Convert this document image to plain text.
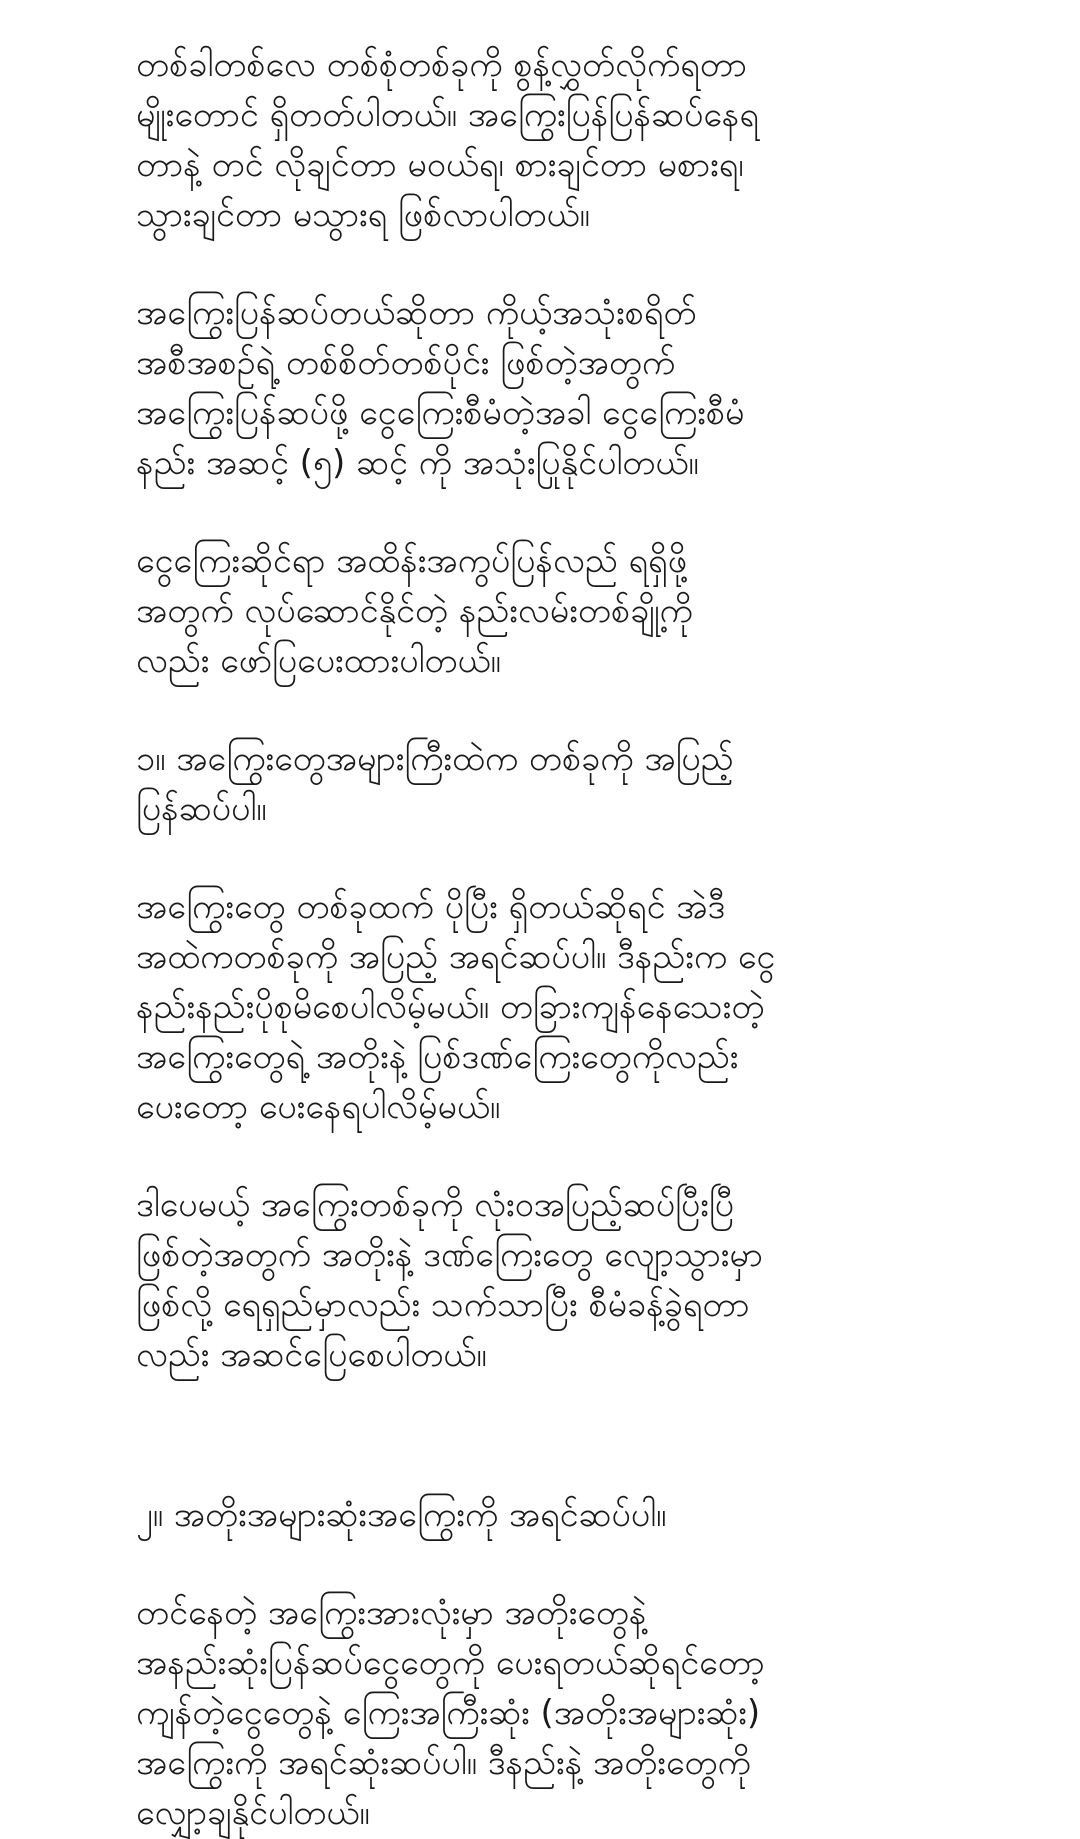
တစ်ခါတစ်လေ တစ်စုံတစ်ခုကို စွန့်လွှတ်လိုက်ရတာ
မျိုးတောင် ရှိတတ်ပါတယ်။ အကြွေးပြန်ပြန်ဆပ်နေရ
တာနဲ့ တင် လိုချင်တာ မဝယ်ရ၊ စားချင်တာ မစားရ၊
သွားချင်တာ မသွားရ ဖြစ်လာပါတယ်။

အကြွေးပြန်ဆပ်တယ်ဆိုတာ ကိုယ့်အသုံးစရိတ်
အစီအစဉ်ရဲ့ တစ်စိတ်တစ်ပိုင်း ဖြစ်တဲ့အတွက်
အကြွေးပြန်ဆပ်ဖို့ ငွေကြေးစီမံတဲ့အခါ ငွေကြေးစီမံ
နည်း အဆင့် (၅) ဆင့် ကို အသုံးပြုနိုင်ပါတယ်။

ငွေကြေးဆိုင်ရာ အထိန်းအကွပ်ပြန်လည် ရရှိဖို့
အတွက် လုပ်ဆောင်နိုင်တဲ့ နည်းလမ်းတစ်ချို့ကို
လည်း ဖော်ပြပေးထားပါတယ်။

၁။ အကြွေးတွေအများကြီးထဲက တစ်ခုကို အပြည့်
ပြန်ဆပ်ပါ။

အကြွေးတွေ တစ်ခုထက် ပိုပြီး ရှိတယ်ဆိုရင် အဲဒီ
အထဲကတစ်ခုကို အပြည့် အရင်ဆပ်ပါ။ ဒီနည်းက ငွေ
နည်းနည်းပိုစုမိစေပါလိမ့်မယ်။ တခြားကျန်နေသေးတဲ့
အကြွေးတွေရဲ့ အတိုးနဲ့ ပြစ်ဒဏ်ကြေးတွေကိုလည်း
ပေးတော့ ပေးနေရပါလိမ့်မယ်။

ဒါပေမယ့် အကြွေးတစ်ခုကို လုံးဝအပြည့်ဆပ်ပြီးပြီ
ဖြစ်တဲ့အတွက် အတိုးနဲ့ ဒဏ်ကြေးတွေ လျော့သွားမှာ
ဖြစ်လို့ ရေရှည်မှာလည်း သက်သာပြီး စီမံခန့်ခွဲရတာ
လည်း အဆင်ပြေစေပါတယ်။

၂။ အတိုးအများဆုံးအကြွေးကို အရင်ဆပ်ပါ။

တင်နေတဲ့ အကြွေးအားလုံးမှာ အတိုးတွေနဲ့
အနည်းဆုံးပြန်ဆပ်ငွေတွေကို ပေးရတယ်ဆိုရင်တော့
ကျန်တဲ့ငွေတွေနဲ့ ကြေးအကြီးဆုံး (အတိုးအများဆုံး)
အကြွေးကို အရင်ဆုံးဆပ်ပါ။ ဒီနည်းနဲ့ အတိုးတွေကို
လျှော့ချနိုင်ပါတယ်။
